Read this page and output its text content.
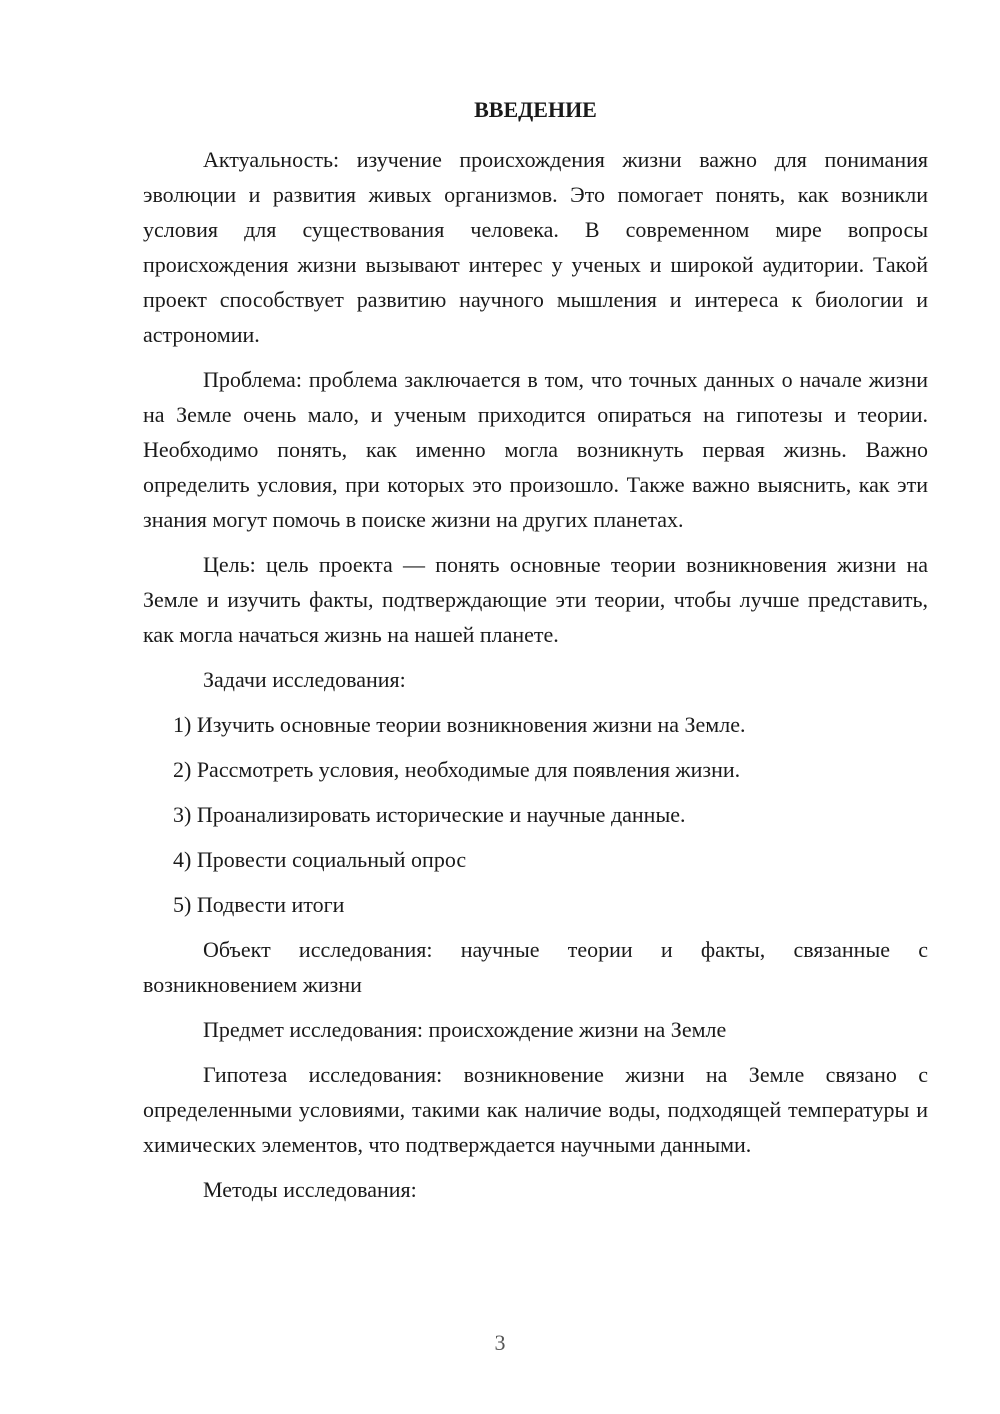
ВВЕДЕНИЕ

Актуальность: изучение происхождения жизни важно для понимания эволюции и развития живых организмов. Это помогает понять, как возникли условия для существования человека. В современном мире вопросы происхождения жизни вызывают интерес у ученых и широкой аудитории. Такой проект способствует развитию научного мышления и интереса к биологии и астрономии.

Проблема: проблема заключается в том, что точных данных о начале жизни на Земле очень мало, и ученым приходится опираться на гипотезы и теории. Необходимо понять, как именно могла возникнуть первая жизнь. Важно определить условия, при которых это произошло. Также важно выяснить, как эти знания могут помочь в поиске жизни на других планетах.

Цель: цель проекта — понять основные теории возникновения жизни на Земле и изучить факты, подтверждающие эти теории, чтобы лучше представить, как могла начаться жизнь на нашей планете.

Задачи исследования:

1) Изучить основные теории возникновения жизни на Земле.
2) Рассмотреть условия, необходимые для появления жизни.
3) Проанализировать исторические и научные данные.
4) Провести социальный опрос
5) Подвести итоги

Объект исследования: научные теории и факты, связанные с возникновением жизни

Предмет исследования: происхождение жизни на Земле

Гипотеза исследования: возникновение жизни на Земле связано с определенными условиями, такими как наличие воды, подходящей температуры и химических элементов, что подтверждается научными данными.

Методы исследования:

3
